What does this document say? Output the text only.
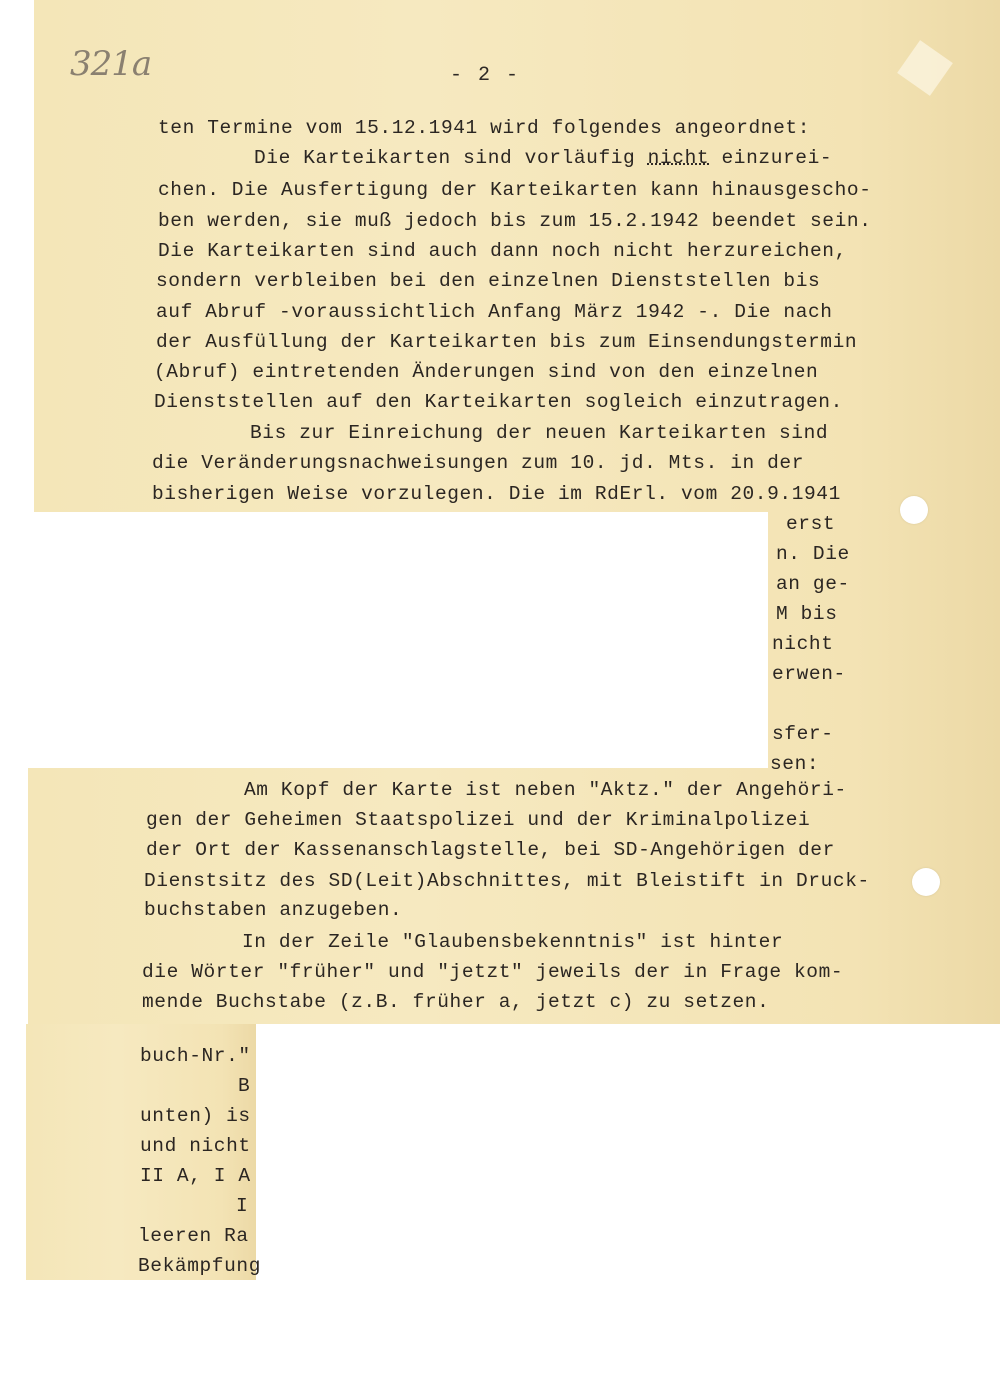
321a	- 2 -
ten Termine vom 15.12.1941 wird folgendes angeordnet:
Die Karteikarten sind vorläufig nicht einzurei-
chen. Die Ausfertigung der Karteikarten kann hinausgescho-
ben werden, sie muß jedoch bis zum 15.2.1942 beendet sein.
Die Karteikarten sind auch dann noch nicht herzureichen,
sondern verbleiben bei den einzelnen Dienststellen bis
auf Abruf -voraussichtlich Anfang März 1942 -. Die nach
der Ausfüllung der Karteikarten bis zum Einsendungstermin
(Abruf) eintretenden Änderungen sind von den einzelnen
Dienststellen auf den Karteikarten sogleich einzutragen.
Bis zur Einreichung der neuen Karteikarten sind
die Veränderungsnachweisungen zum 10. jd. Mts. in der
bisherigen Weise vorzulegen. Die im RdErl. vom 20.9.1941
erst
n. Die
an ge-
M bis
nicht
erwen-
sfer-
sen:
Am Kopf der Karte ist neben "Aktz." der Angehöri-
gen der Geheimen Staatspolizei und der Kriminalpolizei
der Ort der Kassenanschlagstelle, bei SD-Angehörigen der
Dienstsitz des SD(Leit)Abschnittes, mit Bleistift in Druck-
buchstaben anzugeben.
In der Zeile "Glaubensbekenntnis" ist hinter
die Wörter "früher" und "jetzt" jeweils der in Frage kom-
mende Buchstabe (z.B. früher a, jetzt c) zu setzen.
buch-Nr."
B
unten) is
und nicht
II A, I A
I
leeren Ra
Bekämpfung
